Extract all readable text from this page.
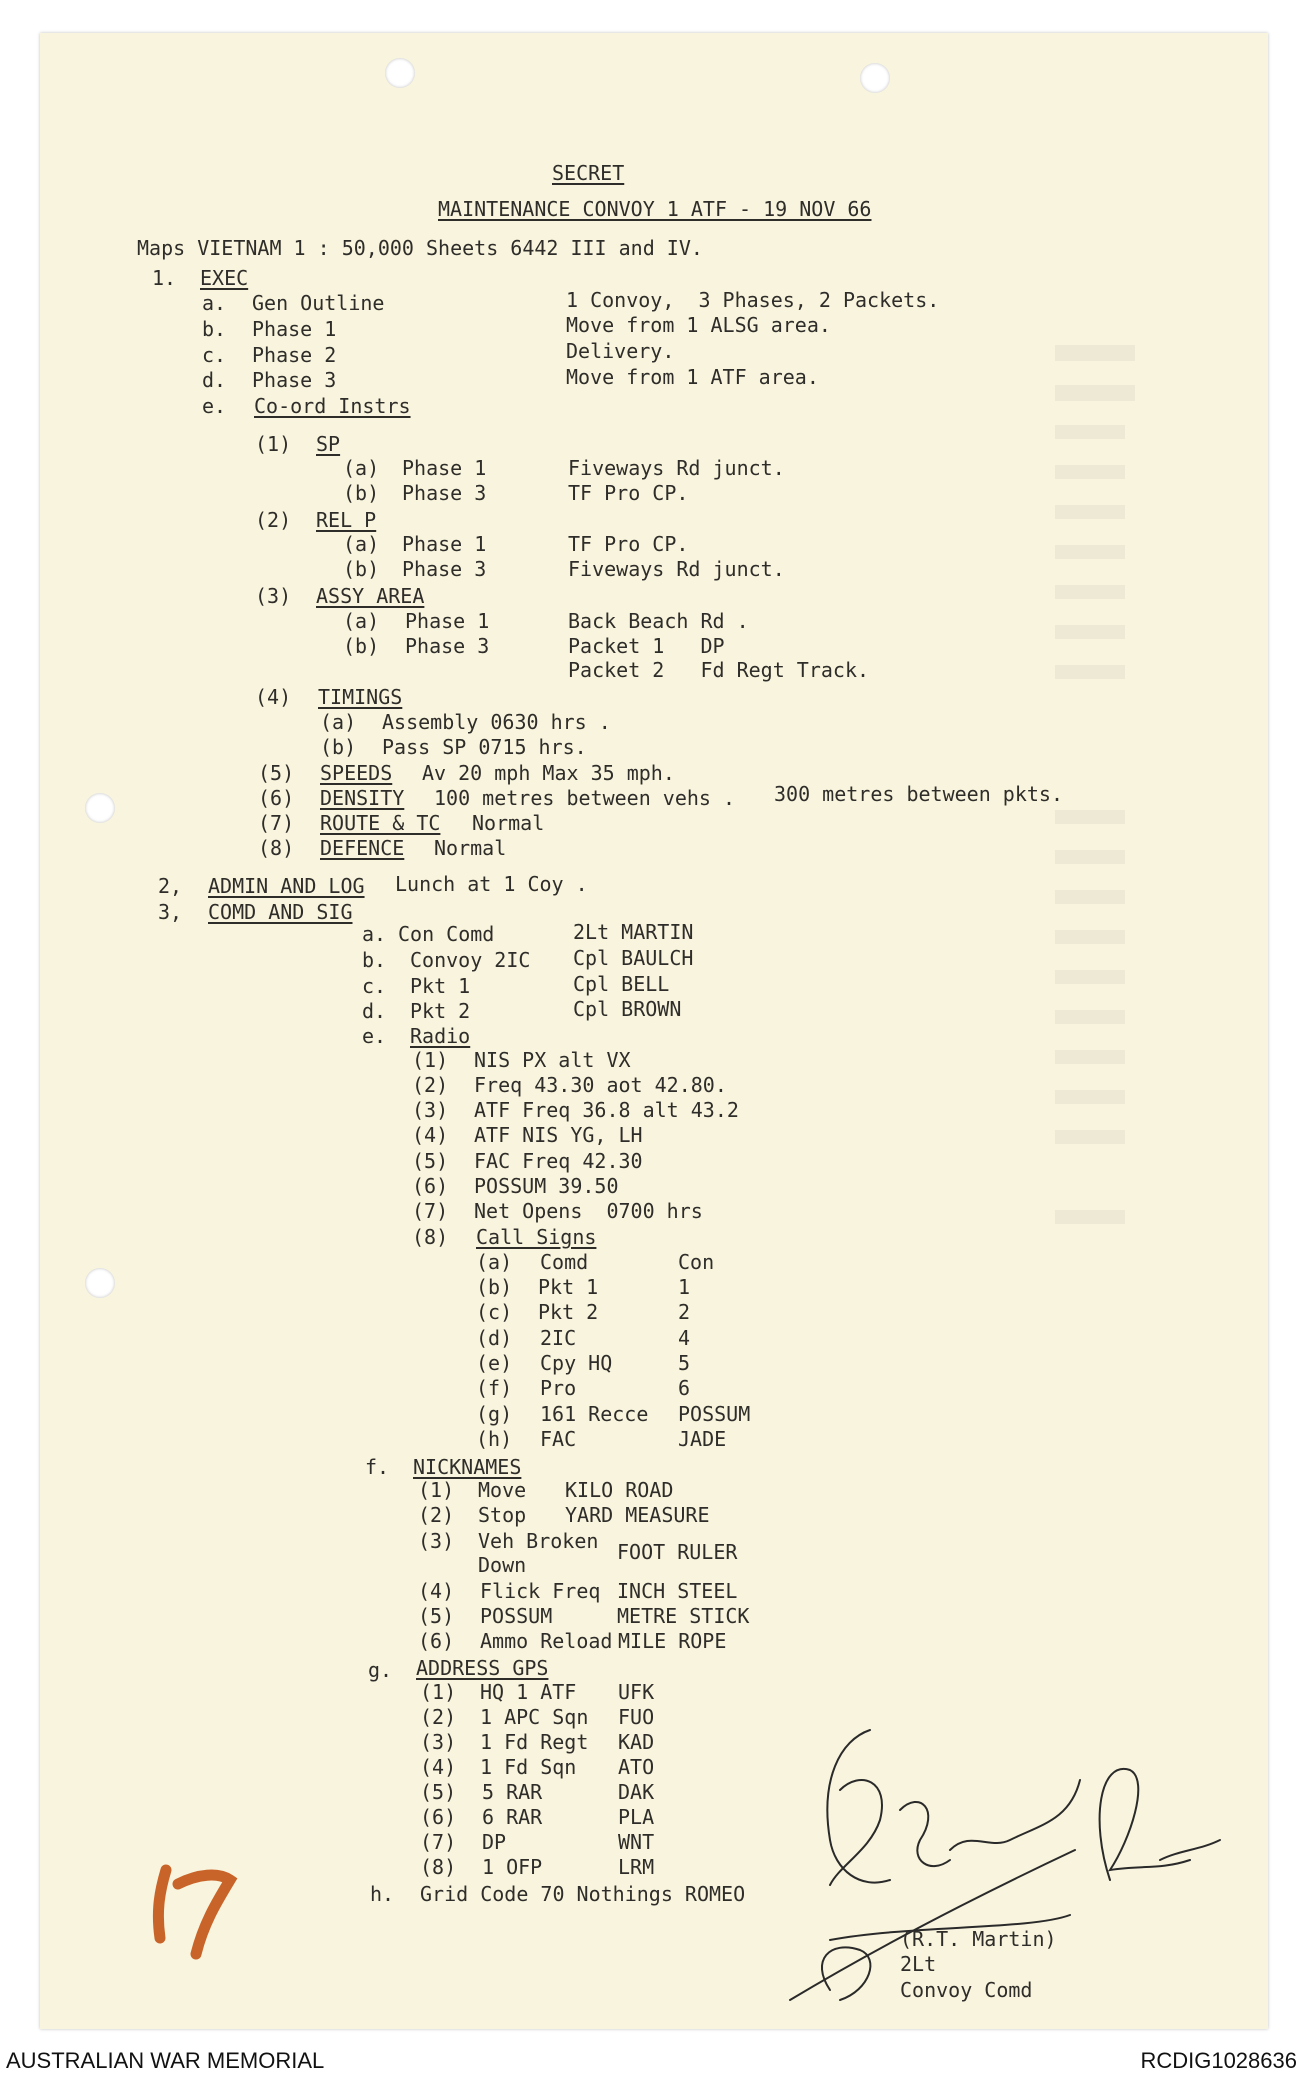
SECRET
MAINTENANCE CONVOY 1 ATF - 19 NOV 66
Maps VIETNAM 1 : 50,000 Sheets 6442 III and IV.
1. EXEC
a. Gen Outline	1 Convoy,  3 Phases, 2 Packets.
b. Phase 1	Move from 1 ALSG area.
c. Phase 2	Delivery.
d. Phase 3	Move from 1 ATF area.
e. Co-ord Instrs
(1) SP
(a) Phase 1	Fiveways Rd junct.
(b) Phase 3	TF Pro CP.
(2) REL P
(a) Phase 1	TF Pro CP.
(b) Phase 3	Fiveways Rd junct.
(3) ASSY AREA
(a) Phase 1	Back Beach Rd .
(b) Phase 3	Packet 1   DP
Packet 2   Fd Regt Track.
(4) TIMINGS
(a) Assembly 0630 hrs .
(b) Pass SP 0715 hrs.
(5) SPEEDS Av 20 mph Max 35 mph.
(6) DENSITY 100 metres between vehs . 300 metres between pkts.
(7) ROUTE & TC Normal
(8) DEFENCE Normal
2, ADMIN AND LOG Lunch at 1 Coy .
3, COMD AND SIG
a. Con Comd	2Lt MARTIN
b. Convoy 2IC Cpl BAULCH
c. Pkt 1	Cpl BELL
d. Pkt 2	Cpl BROWN
e. Radio
(1) NIS PX alt VX
(2) Freq 43.30 aot 42.80.
(3) ATF Freq 36.8 alt 43.2
(4) ATF NIS YG, LH
(5) FAC Freq 42.30
(6) POSSUM 39.50
(7) Net Opens  0700 hrs
(8) Call Signs
(a) Comd	Con
(b) Pkt 1	1
(c) Pkt 2	2
(d) 2IC	4
(e) Cpy HQ	5
(f) Pro	6
(g) 161 Recce POSSUM
(h) FAC	JADE
f. NICKNAMES
(1) Move KILO ROAD
(2) Stop YARD MEASURE
(3) Veh Broken
Down
FOOT RULER
(4) Flick Freq INCH STEEL
(5) POSSUM	METRE STICK
(6) Ammo Reload MILE ROPE
g. ADDRESS GPS
(1) HQ 1 ATF UFK
(2) 1 APC Sqn FUO
(3) 1 Fd Regt KAD
(4) 1 Fd Sqn ATO
(5) 5 RAR	DAK
(6) 6 RAR	PLA
(7) DP	WNT
(8) 1 OFP	LRM
h. Grid Code 70 Nothings ROMEO
(R.T. Martin)
2Lt
Convoy Comd
AUSTRALIAN WAR MEMORIAL	RCDIG1028636
